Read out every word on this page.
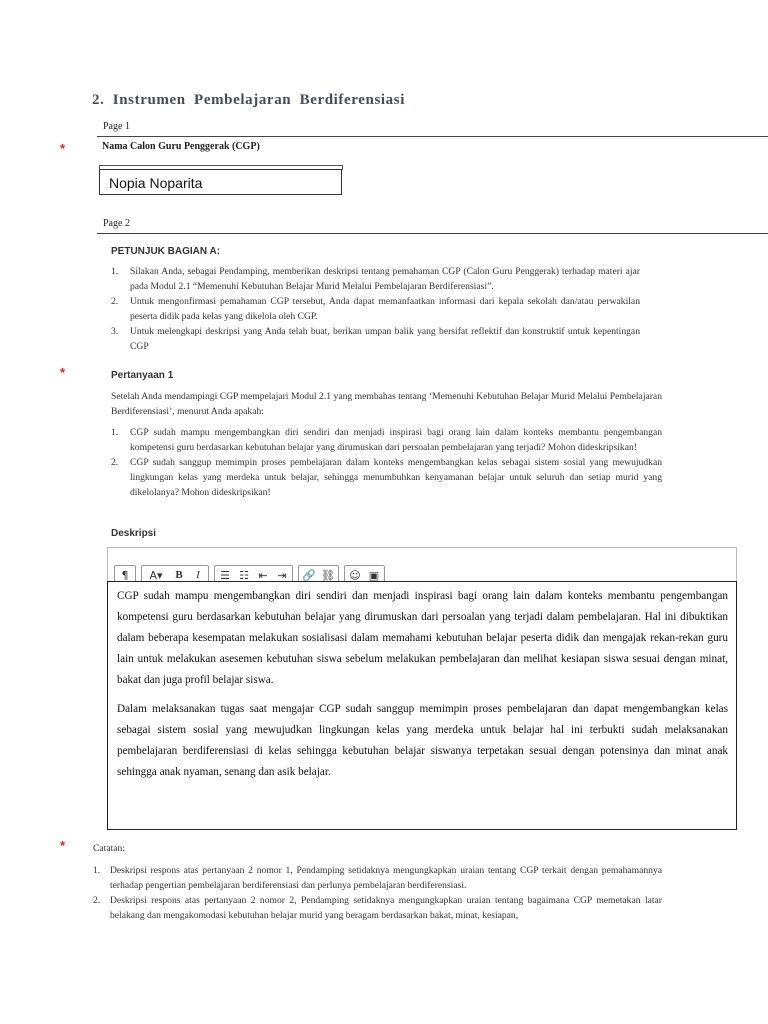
2. Instrumen Pembelajaran Berdiferensiasi
Page 1
*	Nama Calon Guru Penggerak (CGP)
Nopia Noparita
Page 2
PETUNJUK BAGIAN A:
1. Silakan Anda, sebagai Pendamping, memberikan deskripsi tentang pemahaman CGP (Calon Guru Penggerak) terhadap materi ajar pada Modul 2.1 “Memenuhi Kebutuhan Belajar Murid Melalui Pembelajaran Berdiferensiasi”.
2. Untuk mengonfirmasi pemahaman CGP tersebut, Anda dapat memanfaatkan informasi dari kepala sekolah dan/atau perwakilan peserta didik pada kelas yang dikelola oleh CGP.
3. Untuk melengkapi deskripsi yang Anda telah buat, berikan umpan balik yang bersifat reflektif dan konstruktif untuk kepentingan CGP
*	Pertanyaan 1
Setelah Anda mendampingi CGP mempelajari Modul 2.1 yang membahas tentang ‘Memenuhi Kebutuhan Belajar Murid Melalui Pembelajaran Berdiferensiasi’, menurut Anda apakah:
1. CGP sudah mampu mengembangkan diri sendiri dan menjadi inspirasi bagi orang lain dalam konteks membantu pengembangan kompetensi guru berdasarkan kebutuhan belajar yang dirumuskan dari persoalan pembelajaran yang terjadi? Mohon dideskripsikan!
2. CGP sudah sanggup memimpin proses pembelajaran dalam konteks mengembangkan kelas sebagai sistem sosial yang mewujudkan lingkungan kelas yang merdeka untuk belajar, sehingga menumbuhkan kenyamanan belajar untuk seluruh dan setiap murid yang dikelolanya? Mohon dideskripsikan!
Deskripsi
¶	A▾	B	I	☰ ☷ ⇤ ⇥ 🔗 ⛓ ☺ ▣

CGP sudah mampu mengembangkan diri sendiri dan menjadi inspirasi bagi orang lain dalam konteks membantu pengembangan kompetensi guru berdasarkan kebutuhan belajar yang dirumuskan dari persoalan yang terjadi dalam pembelajaran. Hal ini dibuktikan dalam beberapa kesempatan melakukan sosialisasi dalam memahami kebutuhan belajar peserta didik dan mengajak rekan-rekan guru lain untuk melakukan asesemen kebutuhan siswa sebelum melakukan pembelajaran dan melihat kesiapan siswa sesuai dengan minat, bakat dan juga profil belajar siswa.

Dalam melaksanakan tugas saat mengajar CGP sudah sanggup memimpin proses pembelajaran dan dapat mengembangkan kelas sebagai sistem sosial yang mewujudkan lingkungan kelas yang merdeka untuk belajar hal ini terbukti sudah melaksanakan pembelajaran berdiferensiasi di kelas sehingga kebutuhan belajar siswanya terpetakan sesuai dengan potensinya dan minat anak sehingga anak nyaman, senang dan asik belajar.

*	Catatan:
1. Deskripsi respons atas pertanyaan 2 nomor 1, Pendamping setidaknya mengungkapkan uraian tentang CGP terkait dengan pemahamannya terhadap pengertian pembelajaran berdiferensiasi dan perlunya pembelajaran berdiferensiasi.
2. Deskripsi respons atas pertanyaan 2 nomor 2, Pendamping setidaknya mengungkapkan uraian tentang bagaimana CGP memetakan latar belakang dan mengakomodasi kebutuhan belajar murid yang beragam berdasarkan bakat, minat, kesiapan,
